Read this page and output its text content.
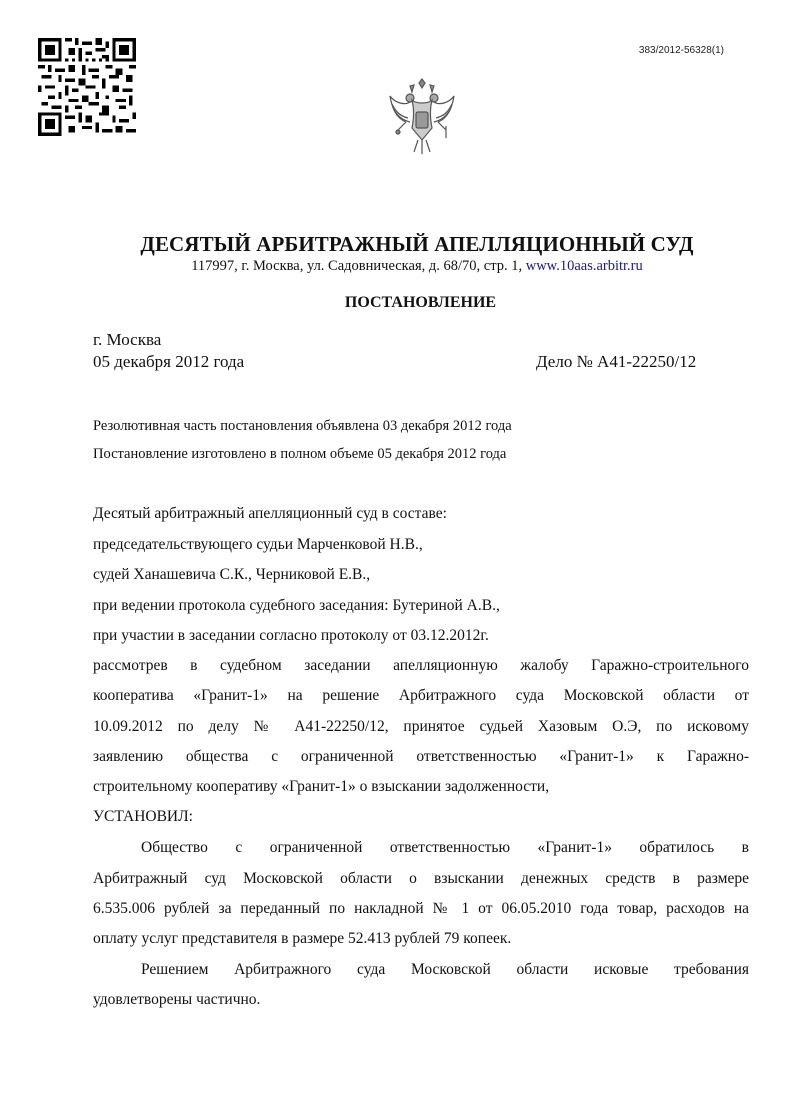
383/2012-56328(1)
ДЕСЯТЫЙ АРБИТРАЖНЫЙ АПЕЛЛЯЦИОННЫЙ СУД
117997, г. Москва, ул. Садовническая, д. 68/70, стр. 1, www.10aas.arbitr.ru
ПОСТАНОВЛЕНИЕ
г. Москва
05 декабря 2012 года	Дело № А41-22250/12
Резолютивная часть постановления объявлена 03 декабря 2012 года
Постановление изготовлено в полном объеме 05 декабря 2012 года
Десятый арбитражный апелляционный суд в составе:
председательствующего судьи Марченковой Н.В.,
судей Ханашевича С.К., Черниковой Е.В.,
при ведении протокола судебного заседания: Бутериной А.В.,
при участии в заседании согласно протоколу от 03.12.2012г.
рассмотрев в судебном заседании апелляционную жалобу Гаражно-строительного
кооператива «Гранит-1» на решение Арбитражного суда Московской области от
10.09.2012 по делу № А41-22250/12, принятое судьей Хазовым О.Э, по исковому
заявлению общества с ограниченной ответственностью «Гранит-1» к Гаражно-
строительному кооперативу «Гранит-1» о взыскании задолженности,
УСТАНОВИЛ:
Общество с ограниченной ответственностью «Гранит-1» обратилось в
Арбитражный суд Московской области о взыскании денежных средств в размере
6.535.006 рублей за переданный по накладной № 1 от 06.05.2010 года товар, расходов на
оплату услуг представителя в размере 52.413 рублей 79 копеек.
Решением Арбитражного суда Московской области исковые требования
удовлетворены частично.
